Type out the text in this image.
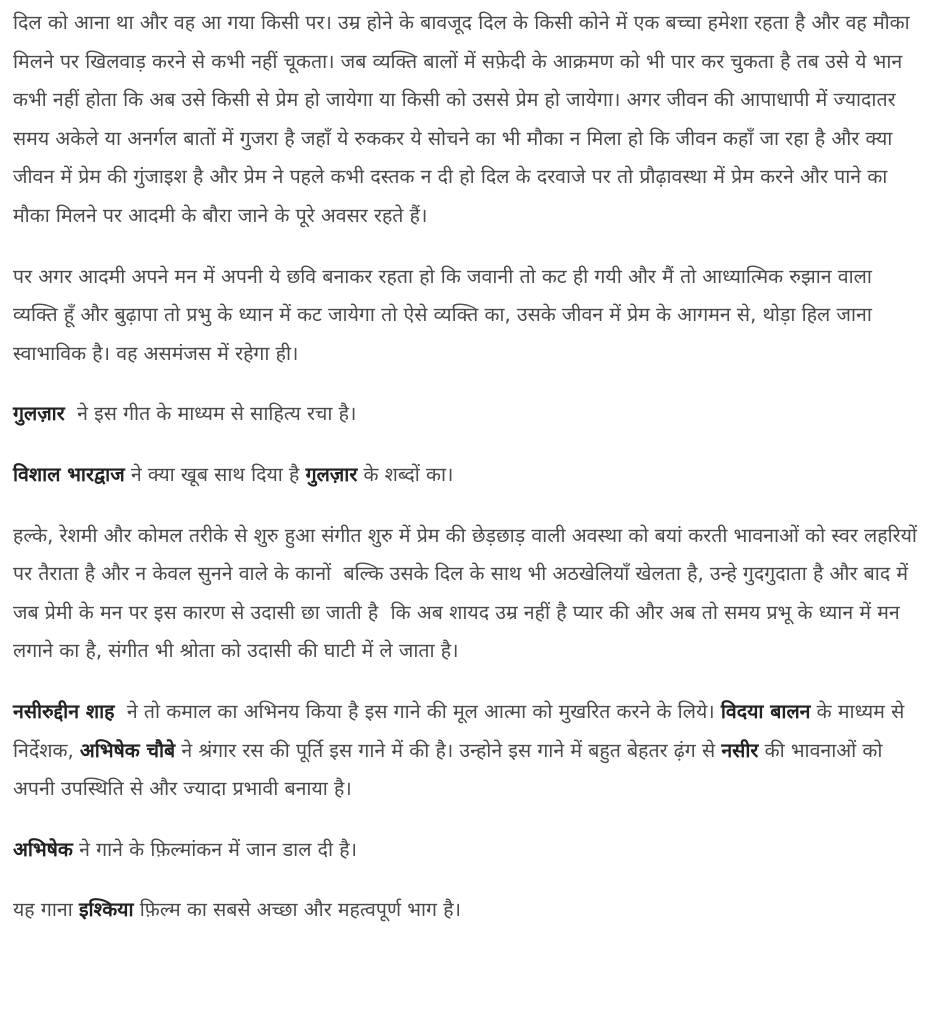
दिल को आना था और वह आ गया किसी पर। उम्र होने के बावजूद दिल के किसी कोने में एक बच्चा हमेशा रहता है और वह मौका मिलने पर खिलवाड़ करने से कभी नहीं चूकता। जब व्यक्ति बालों में सफ़ेदी के आक्रमण को भी पार कर चुकता है तब उसे ये भान कभी नहीं होता कि अब उसे किसी से प्रेम हो जायेगा या किसी को उससे प्रेम हो जायेगा। अगर जीवन की आपाधापी में ज्यादातर समय अकेले या अनर्गल बातों में गुजरा है जहाँ ये रुककर ये सोचने का भी मौका न मिला हो कि जीवन कहाँ जा रहा है और क्या जीवन में प्रेम की गुंजाइश है और प्रेम ने पहले कभी दस्तक न दी हो दिल के दरवाजे पर तो प्रौढ़ावस्था में प्रेम करने और पाने का मौका मिलने पर आदमी के बौरा जाने के पूरे अवसर रहते हैं।

पर अगर आदमी अपने मन में अपनी ये छवि बनाकर रहता हो कि जवानी तो कट ही गयी और मैं तो आध्यात्मिक रुझान वाला व्यक्ति हूँ और बुढ़ापा तो प्रभु के ध्यान में कट जायेगा तो ऐसे व्यक्ति का, उसके जीवन में प्रेम के आगमन से, थोड़ा हिल जाना स्वाभाविक है। वह असमंजस में रहेगा ही।

गुलज़ार  ने इस गीत के माध्यम से साहित्य रचा है।

विशाल भारद्वाज ने क्या खूब साथ दिया है गुलज़ार के शब्दों का।

हल्के, रेशमी और कोमल तरीके से शुरु हुआ संगीत शुरु में प्रेम की छेड़छाड़ वाली अवस्था को बयां करती भावनाओं को स्वर लहरियों पर तैराता है और न केवल सुनने वाले के कानों  बल्कि उसके दिल के साथ भी अठखेलियाँ खेलता है, उन्हे गुदगुदाता है और बाद में जब प्रेमी के मन पर इस कारण से उदासी छा जाती है  कि अब शायद उम्र नहीं है प्यार की और अब तो समय प्रभू के ध्यान में मन लगाने का है, संगीत भी श्रोता को उदासी की घाटी में ले जाता है।

नसीरुद्दीन शाह  ने तो कमाल का अभिनय किया है इस गाने की मूल आत्मा को मुखरित करने के लिये। विदया बालन के माध्यम से निर्देशक, अभिषेक चौबे ने श्रंगार रस की पूर्ति इस गाने में की है। उन्होने इस गाने में बहुत बेहतर ढ़ंग से नसीर की भावनाओं को अपनी उपस्थिति से और ज्यादा प्रभावी बनाया है।

अभिषेक ने गाने के फ़िल्मांकन में जान डाल दी है।

यह गाना इश्किया फ़िल्म का सबसे अच्छा और महत्वपूर्ण भाग है।
